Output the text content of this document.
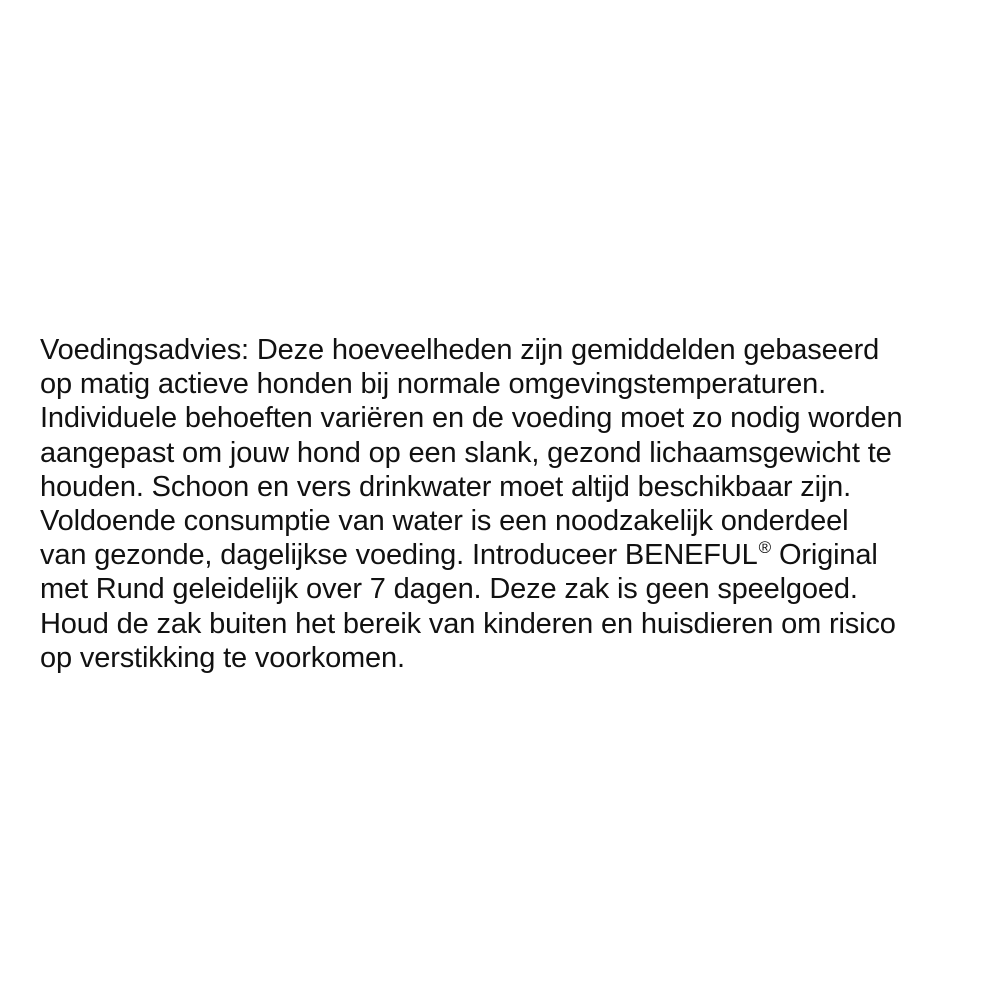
Voedingsadvies: Deze hoeveelheden zijn gemiddelden gebaseerd
op matig actieve honden bij normale omgevingstemperaturen.
Individuele behoeften variëren en de voeding moet zo nodig worden
aangepast om jouw hond op een slank, gezond lichaamsgewicht te
houden. Schoon en vers drinkwater moet altijd beschikbaar zijn.
Voldoende consumptie van water is een noodzakelijk onderdeel
van gezonde, dagelijkse voeding. Introduceer BENEFUL® Original
met Rund geleidelijk over 7 dagen. Deze zak is geen speelgoed.
Houd de zak buiten het bereik van kinderen en huisdieren om risico
op verstikking te voorkomen.
